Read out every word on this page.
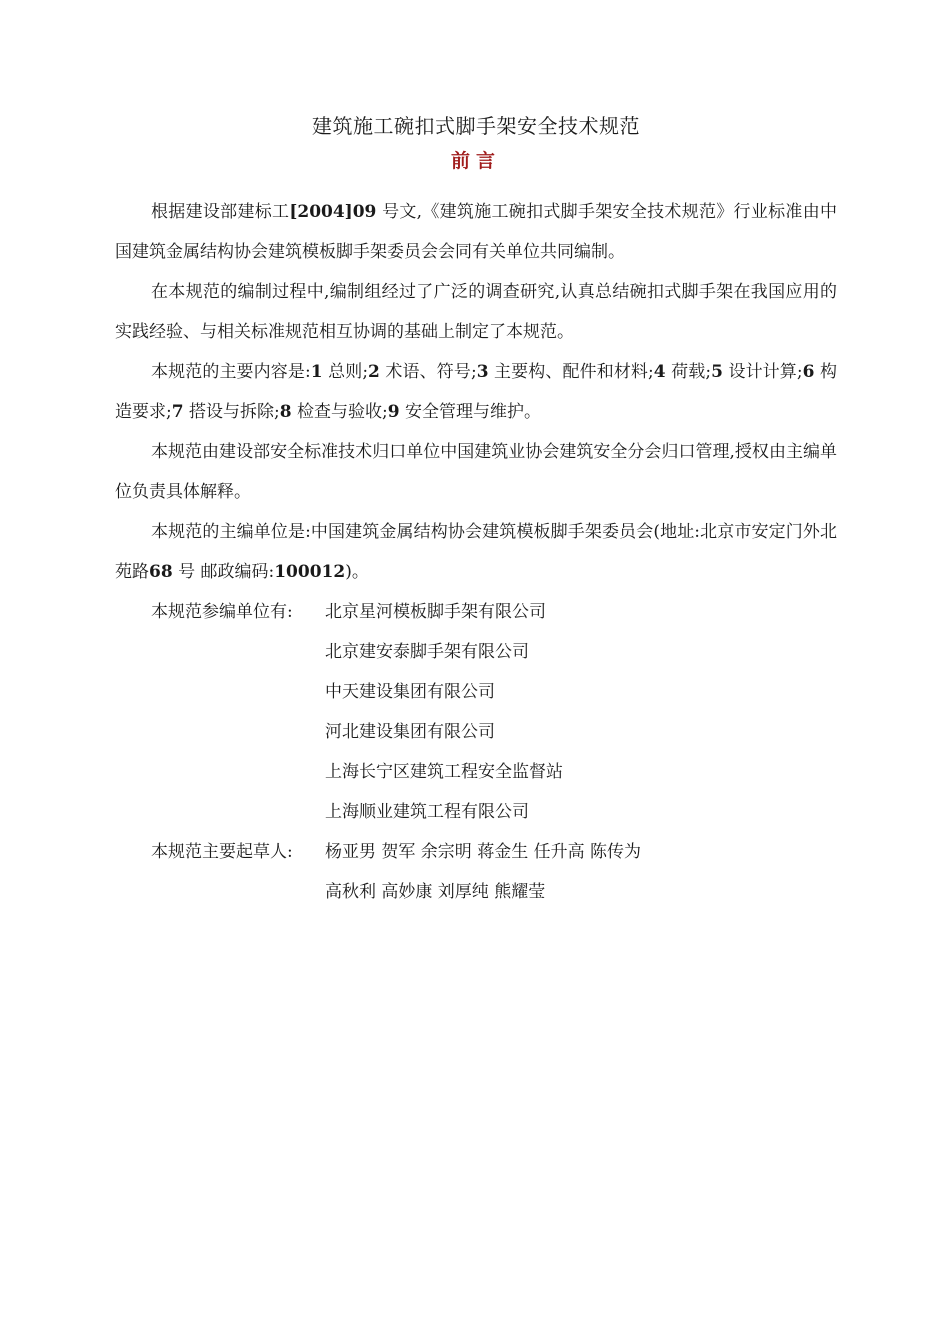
建筑施工碗扣式脚手架安全技术规范
前言

根据建设部建标工[2004]09 号文,《建筑施工碗扣式脚手架安全技术规范》行业标准由中国建筑金属结构协会建筑模板脚手架委员会会同有关单位共同编制。

在本规范的编制过程中,编制组经过了广泛的调查研究,认真总结碗扣式脚手架在我国应用的实践经验、与相关标准规范相互协调的基础上制定了本规范。

本规范的主要内容是:1 总则;2 术语、符号;3 主要构、配件和材料;4 荷载;5 设计计算;6 构造要求;7 搭设与拆除;8 检查与验收;9 安全管理与维护。

本规范由建设部安全标准技术归口单位中国建筑业协会建筑安全分会归口管理,授权由主编单位负责具体解释。

本规范的主编单位是:中国建筑金属结构协会建筑模板脚手架委员会(地址:北京市安定门外北苑路68 号 邮政编码:100012)。

本规范参编单位有:	北京星河模板脚手架有限公司
北京建安泰脚手架有限公司
中天建设集团有限公司
河北建设集团有限公司
上海长宁区建筑工程安全监督站
上海顺业建筑工程有限公司
本规范主要起草人:	杨亚男 贺军 余宗明 蒋金生 任升高 陈传为
高秋利 高妙康 刘厚纯 熊耀莹
